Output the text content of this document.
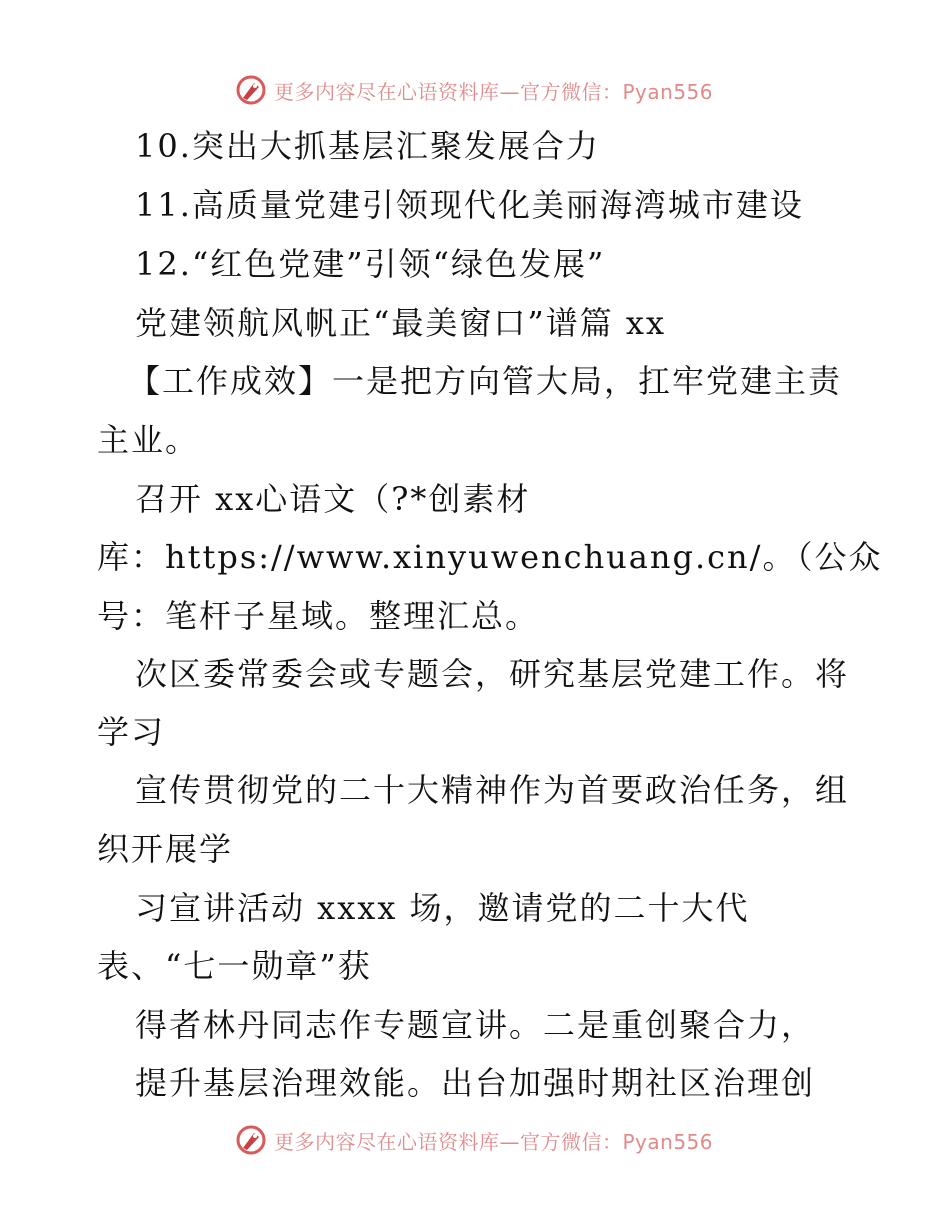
更多内容尽在心语资料库—官方微信：Pyan556
10.突出大抓基层汇聚发展合力
11.高质量党建引领现代化美丽海湾城市建设
12.“红色党建”引领“绿色发展”
党建领航风帆正“最美窗口”谱篇 xx
【工作成效】一是把方向管大局，扛牢党建主责
主业。
召开 xx心语文（?*创素材
库：https://www.xinyuwenchuang.cn/。（公众
号：笔杆子星域。整理汇总。
次区委常委会或专题会，研究基层党建工作。将
学习
宣传贯彻党的二十大精神作为首要政治任务，组
织开展学
习宣讲活动 xxxx 场，邀请党的二十大代
表、“七一勋章”获
得者林丹同志作专题宣讲。二是重创聚合力，
提升基层治理效能。出台加强时期社区治理创
更多内容尽在心语资料库—官方微信：Pyan556
